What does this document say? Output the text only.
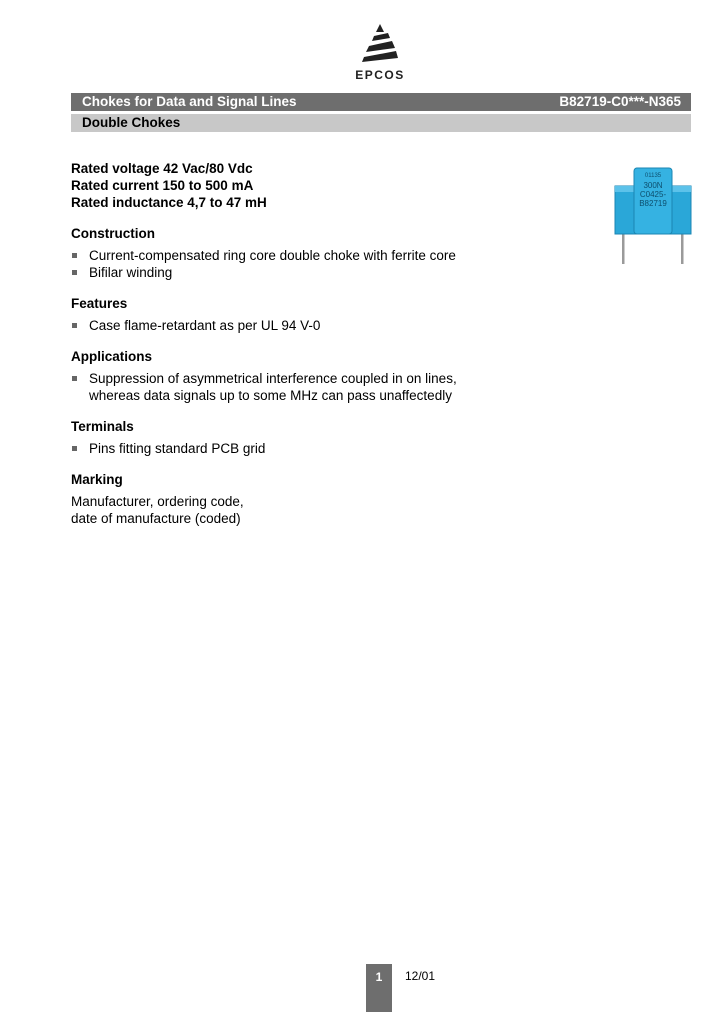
EPCOS
Chokes for Data and Signal Lines	B82719-C0***-N365
Double Chokes
Rated voltage 42 Vac/80 Vdc
Rated current 150 to 500 mA
Rated inductance 4,7 to 47 mH
Construction
Current-compensated ring core double choke with ferrite core
Bifilar winding
Features
Case flame-retardant as per UL 94 V-0
Applications
Suppression of asymmetrical interference coupled in on lines,
whereas data signals up to some MHz can pass unaffectedly
Terminals
Pins fitting standard PCB grid
Marking
Manufacturer, ordering code,
date of manufacture (coded)
01135
300N
C0425-
B82719
1	12/01
